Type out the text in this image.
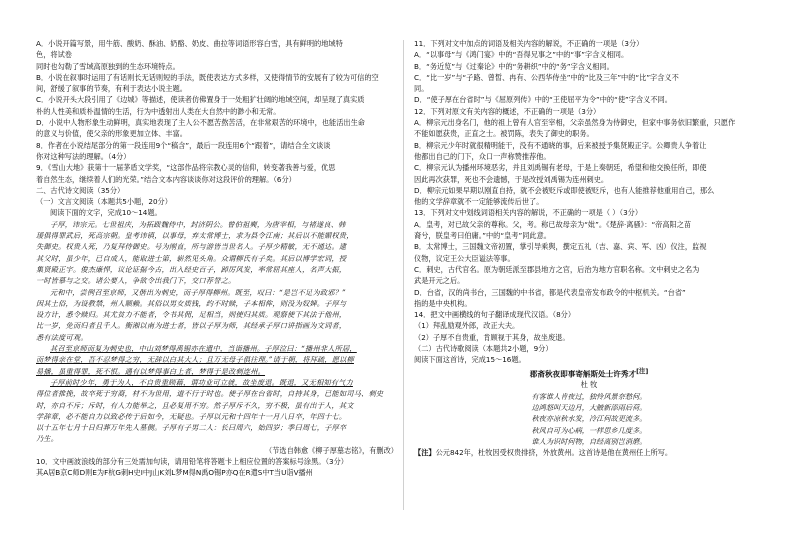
A．小说开篇写景，用牛筋、酸奶、酥油、奶酪、奶皮、曲拉等词语形容白雪，具有鲜明的地域特
色，将试卷
同时也勾勒了雪域高原独到的生态环境特点。
B．小说在叙事时运用了有话则长无话则短的手法，既使表达方式多样，又使得情节的安展有了较为可信的空
间，舒缓了叙事的节奏，有利于表达小说主题。
C．小说开头大段引用了《边城》等描述，使读者仿佛置身于一处粗犷壮阔的地域空间，却呈现了真实质
朴的人性美和质朴温情的生活，行为中透射出人类在大自然中的渺小和无常。
D．小说中人物形象生动鲜明，真实地表现了主人公不愿苦熬苦活，在非常艰苦的环境中，也能活出生命
的意义与价值，使父亲的形象更加立体、丰富。
8．作者在小说结尾部分的第一段连用9个“稿含”，最后一段连用6个“跟着”，请结合全文谈谈
你对这种写法的理解。（4分）
9．《雪山大地》获第十一届茅盾文学奖，“这部作品将宗教心灵的信仰，转变著我善与爱，优思
着自然生态，继续着人们的光荣。”结合文本内容谈谈你对这段评价的理解。（6分）
二、古代诗文阅读（35分）
（一）文言文阅读（本题共5小题，20分）
阅读下面的文字，完成10～14题。
子厚，讳宗元。七世祖庆，为拓跋魏侍中，封济阴公。曾伯祖奭，为唐宰相，与褚遂良、韩
瑗俱得罪武后，死高宗朝。皇考讳镇，以事母，弃太常博士，求为县令江南；其后以不能媚权贵，
失御史。权贵人死，乃复拜侍御史。号为刚直，所与游皆当世名人。子厚少精敏，无不通达。逮
其父时，虽少年，已自成人，能取进士第，崭然见头角。众谓柳氏有子矣。其后以博学宏词，授
集贤殿正字。俊杰廉悍，议论证据今古，出入经史百子，踔厉风发，率常屈其座人，名声大振，
一时皆慕与之交。诸公要人，争欲令出我门下，交口荐誉之。
元和中，尝例召至京师，又偕出为刺史，而子厚得柳州。既至，叹曰：“是岂不足为政邪？”
因其土俗，为设教禁，州人顺赖。其俗以男女质钱，约不时赎，子本相侔，则没为奴婢。子厚与
设方计，悉令赎归。其尤贫力不能者，令书其佣，足相当，则使归其质。观察使下其法于他州，
比一岁，免而归者且千人。衡湘以南为进士者，皆以子厚为师，其经承子厚口讲指画为文词者，
悉有法度可观。
其召至京师而复为刺史也，中山刘梦得禹锡亦在遣中，当诣播州。子厚泣曰：“播州非人所居，
而梦得亲在堂，吾不忍梦得之穷，无辞以白其大人；且万无母子俱往理。”请于朝，将拜疏，愿以柳
易播，虽重得罪，死不恨。遇有以梦得事白上者，梦得于是改刺连州。
子厚前时少年，勇于为人，不自贵重顾藉，谓功业可立就，故坐废退。既退，又无相知有气力
得位者推挽，故卒死于穷裔，材不为世用，道不行于时也。使子厚在台省时，自持其身，已能如司马、刺史
时，亦自不斥；斥时，有人力能举之，且必复用不穷。然子厚斥不久，穷不极，虽有出于人，其文
学辞章，必不能自力以致必传于后如今，无疑也。子厚以元和十四年十一月八日卒，年四十七。
以十五年七月十日归葬万年先人墓侧。子厚有子男二人：长曰周六，始四岁；季曰周七，子厚卒
乃生。
（节选自韩愈《柳子厚墓志铭》，有删改）
10．文中画波浪线的部分有三处需加句读，请用铅笔将答题卡上相应位置的答案标号涂黑。（3分）
其A居B京C师D则E为F杭G刺H史I中J山K刘L梦M得N禹O锡P亦Q在R遣S中T当U诣V播州
11．下列对文中加点的词语及相关内容的解说，不正确的一项是（3分）
A．“以事母”与《鸿门宴》中的“吾得兄事之”中的“事”字含义相同。
B．“务近览”与《过秦论》中的“务耕织”中的“务”字含义相同。
C．“比一岁”与“子路、曾皙、冉有、公西华侍坐”中的“比及三年”中的“比”字含义不
同。
D．“使子厚在台省时”与《屈原列传》中的“王使屈平为令”中的“使”字含义不同。
12．下列对原文有关内容的概述，不正确的一项是（3分）
A．柳宗元出身名门，他的祖上曾有人官至宰相，父亲虽然身为侍御史，但家中事务依旧繁重，只愿作
不能如愿获贵，正直之士。被罚陈，表失了御史的职务。
B．柳宗元少年时就很精明能干，没有不通晓的事，后来被授予集贤殿正字。公卿贵人争着让
他都出自己的门下，众口一声称赞推荐他。
C．柳宗元认为播州环境恶劣，并且刘禹锡有老母，于是上奏朝廷，希望和他交换任所，即使
因此再次获罪，死也不会遗憾，于是改授刘禹锡为连州刺史。
D．柳宗元如果早期以刚直自持，就不会被贬斥或即使被贬斥，也有人能推荐他重用自己，那么
他的文学辞章就不一定能够流传后世了。
13．下列对文中划线词语相关内容的解说，不正确的一项是（ ）（3分）
A．皇考，对已故父亲的尊称。父，考。称已故母亲为“妣”。《楚辞·离骚》：“帝高阳之苗
裔兮，朕皇考曰伯庸。”中的“皇考”同此意。
B．太常博士，三国魏文帝初置，掌引导乘舆，撰定五礼（吉、嘉、宾、军、凶）仪注，监视
仪物，议定王公大臣谥法等事。
C．刺史，古代官名。原为朝廷派至郡县地方之官，后治为地方官职名称。文中刺史之名为
武是开元之后。
D．台省，汉的尚书台，三国魏的中书省，都是代表皇帝发布政令的中枢机关。“台省”
指的是中央机构。
14．把文中画横线的句子翻译成现代汉语。（8分）
（1）拜乱励观外郎，改正大夫。
（2）子厚不自贵重，肯顾视于其身，故坐废退。
（二）古代诗歌阅读（本题共2小题，9分）
阅读下面这首诗，完成15～16题。
郡斋秋夜即事寄斛斯处士许秀才[注]
杜 牧
有客谁人肯夜过，独怜风景奈愁何。
边鸿怒叫天边月，大腋新添雨后荷。
秋夜亦凉秋水发，冷江何故更流多。
秋风自可为心病，一样思乡几度多。
谁人为识时何物，自经离别岂消磨。
【注】公元842年，杜牧因受权贵排挤，外放黄州。这首诗是他在黄州任上所写。
